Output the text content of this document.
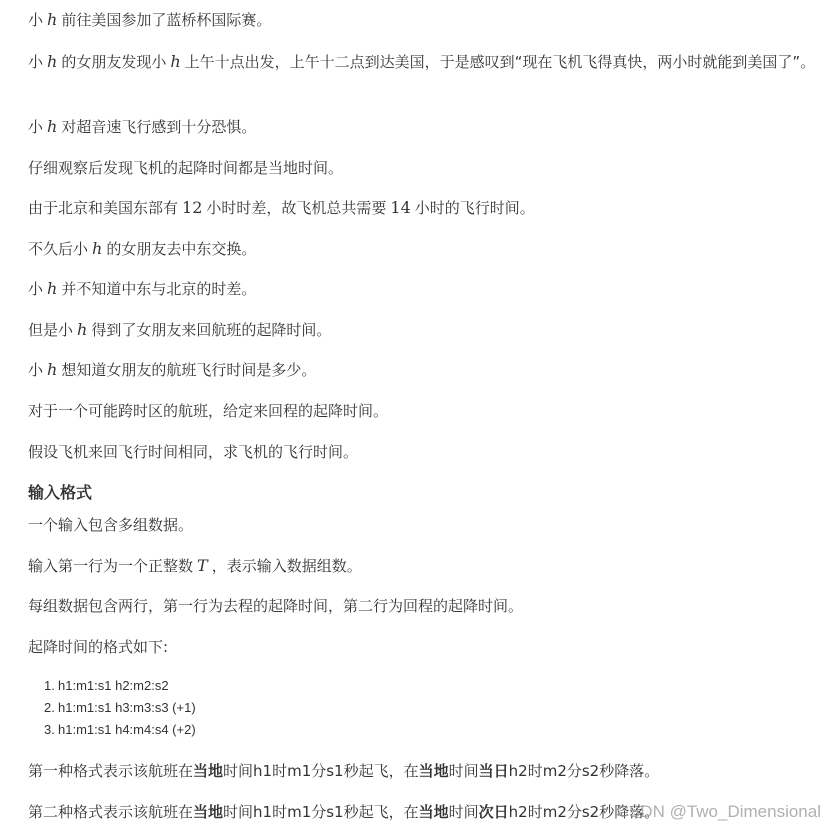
小 h 前往美国参加了蓝桥杯国际赛。
小 h 的女朋友发现小 h 上午十点出发，上午十二点到达美国，于是感叹到“现在飞机飞得真快，两小时就能到美国了”。
小 h 对超音速飞行感到十分恐惧。
仔细观察后发现飞机的起降时间都是当地时间。
由于北京和美国东部有 12 小时时差，故飞机总共需要 14 小时的飞行时间。
不久后小 h 的女朋友去中东交换。
小 h 并不知道中东与北京的时差。
但是小 h 得到了女朋友来回航班的起降时间。
小 h 想知道女朋友的航班飞行时间是多少。
对于一个可能跨时区的航班，给定来回程的起降时间。
假设飞机来回飞行时间相同，求飞机的飞行时间。
输入格式
一个输入包含多组数据。
输入第一行为一个正整数 T ，表示输入数据组数。
每组数据包含两行，第一行为去程的起降时间，第二行为回程的起降时间。
起降时间的格式如下:
1. h1:m1:s1 h2:m2:s2
2. h1:m1:s1 h3:m3:s3 (+1)
3. h1:m1:s1 h4:m4:s4 (+2)
第一种格式表示该航班在当地时间h1时m1分s1秒起飞，在当地时间当日h2时m2分s2秒降落。
第二种格式表示该航班在当地时间h1时m1分s1秒起飞，在当地时间次日h2时m2分s2秒降落。
CSDN @Two_Dimensional
